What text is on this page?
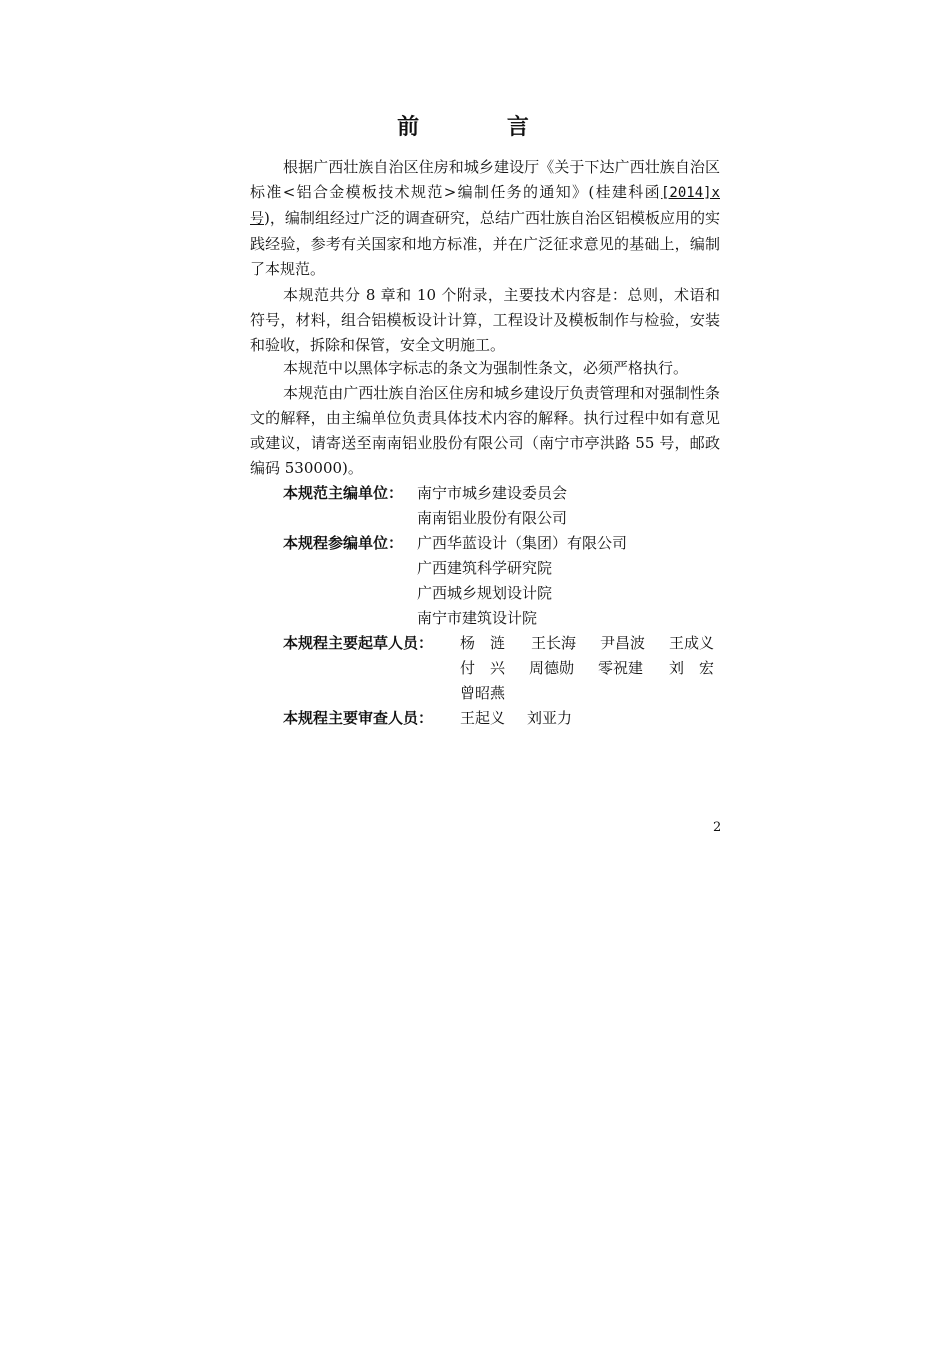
前 言

根据广西壮族自治区住房和城乡建设厅《关于下达广西壮族自治区标准<铝合金模板技术规范>编制任务的通知》(桂建科函[2014]x 号)，编制组经过广泛的调查研究，总结广西壮族自治区铝模板应用的实践经验，参考有关国家和地方标准，并在广泛征求意见的基础上，编制了本规范。

本规范共分 8 章和 10 个附录，主要技术内容是：总则，术语和符号，材料，组合铝模板设计计算，工程设计及模板制作与检验，安装和验收，拆除和保管，安全文明施工。

本规范中以黑体字标志的条文为强制性条文，必须严格执行。

本规范由广西壮族自治区住房和城乡建设厅负责管理和对强制性条文的解释，由主编单位负责具体技术内容的解释。执行过程中如有意见或建议，请寄送至南南铝业股份有限公司（南宁市亭洪路 55 号，邮政编码 530000)。

本规范主编单位： 南宁市城乡建设委员会
南南铝业股份有限公司
本规程参编单位： 广西华蓝设计（集团）有限公司
广西建筑科学研究院
广西城乡规划设计院
南宁市建筑设计院
本规程主要起草人员： 杨　涟 王长海 尹昌波 王成义
付　兴 周德勋 零祝建 刘　宏
曾昭燕
本规程主要审查人员： 王起义 刘亚力
2
